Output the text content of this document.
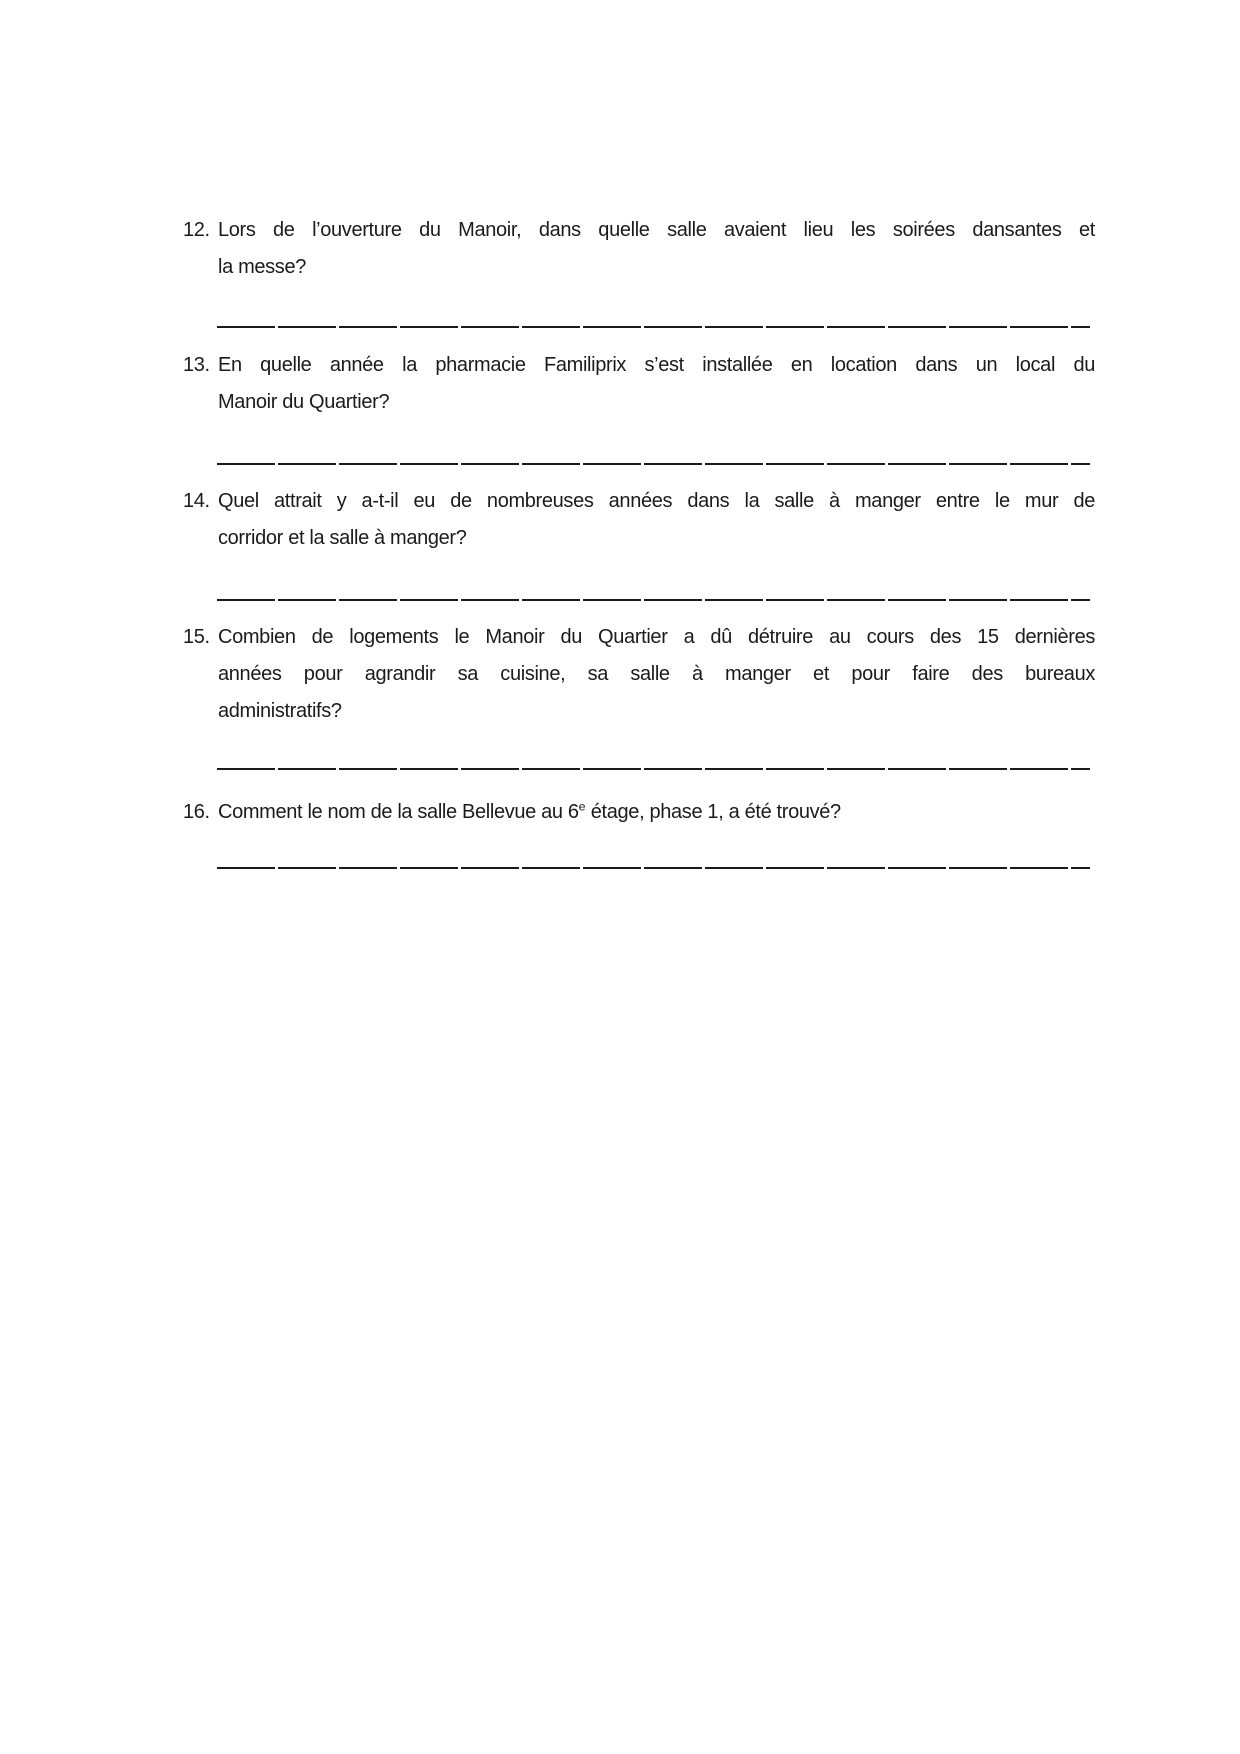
12. Lors de l’ouverture du Manoir, dans quelle salle avaient lieu les soirées dansantes et
la messe?
13. En quelle année la pharmacie Familiprix s’est installée en location dans un local du
Manoir du Quartier?
14. Quel attrait y a-t-il eu de nombreuses années dans la salle à manger entre le mur de
corridor et la salle à manger?
15. Combien de logements le Manoir du Quartier a dû détruire au cours des 15 dernières
années pour agrandir sa cuisine, sa salle à manger et pour faire des bureaux
administratifs?
16. Comment le nom de la salle Bellevue au 6e étage, phase 1, a été trouvé?
